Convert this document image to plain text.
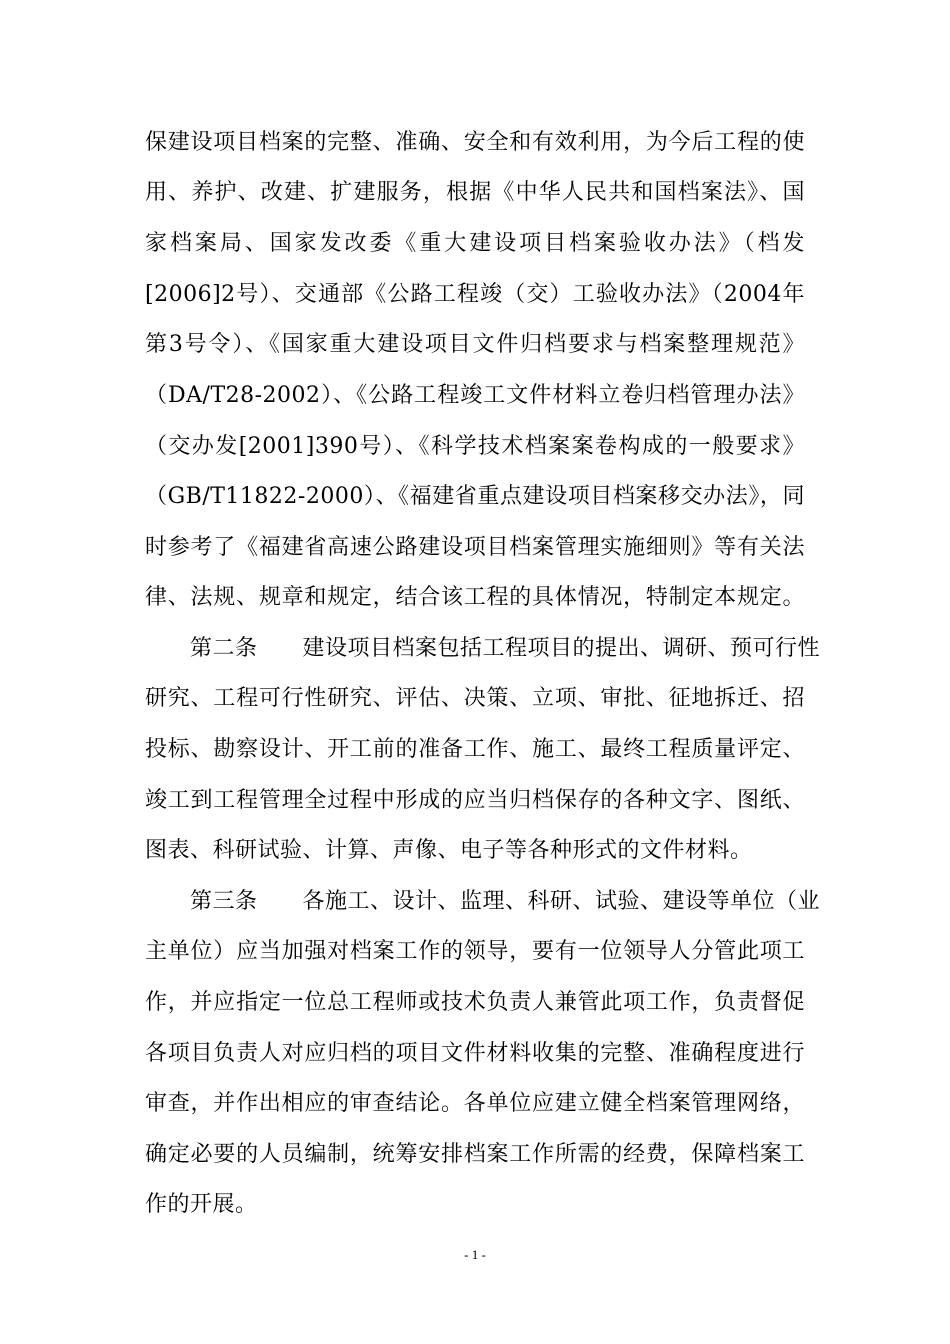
保建设项目档案的完整、准确、安全和有效利用，为今后工程的使
用、养护、改建、扩建服务，根据《中华人民共和国档案法》、国
家档案局、国家发改委《重大建设项目档案验收办法》（档发
[2006]2号）、交通部《公路工程竣（交）工验收办法》（2004年
第3号令）、《国家重大建设项目文件归档要求与档案整理规范》
（DA/T28-2002）、《公路工程竣工文件材料立卷归档管理办法》
（交办发[2001]390号）、《科学技术档案案卷构成的一般要求》
（GB/T11822-2000）、《福建省重点建设项目档案移交办法》，同
时参考了《福建省高速公路建设项目档案管理实施细则》等有关法
律、法规、规章和规定，结合该工程的具体情况，特制定本规定。
第二条　　建设项目档案包括工程项目的提出、调研、预可行性
研究、工程可行性研究、评估、决策、立项、审批、征地拆迁、招
投标、勘察设计、开工前的准备工作、施工、最终工程质量评定、
竣工到工程管理全过程中形成的应当归档保存的各种文字、图纸、
图表、科研试验、计算、声像、电子等各种形式的文件材料。
第三条　　各施工、设计、监理、科研、试验、建设等单位（业
主单位）应当加强对档案工作的领导，要有一位领导人分管此项工
作，并应指定一位总工程师或技术负责人兼管此项工作，负责督促
各项目负责人对应归档的项目文件材料收集的完整、准确程度进行
审查，并作出相应的审查结论。各单位应建立健全档案管理网络，
确定必要的人员编制，统筹安排档案工作所需的经费，保障档案工
作的开展。
- 1 -
